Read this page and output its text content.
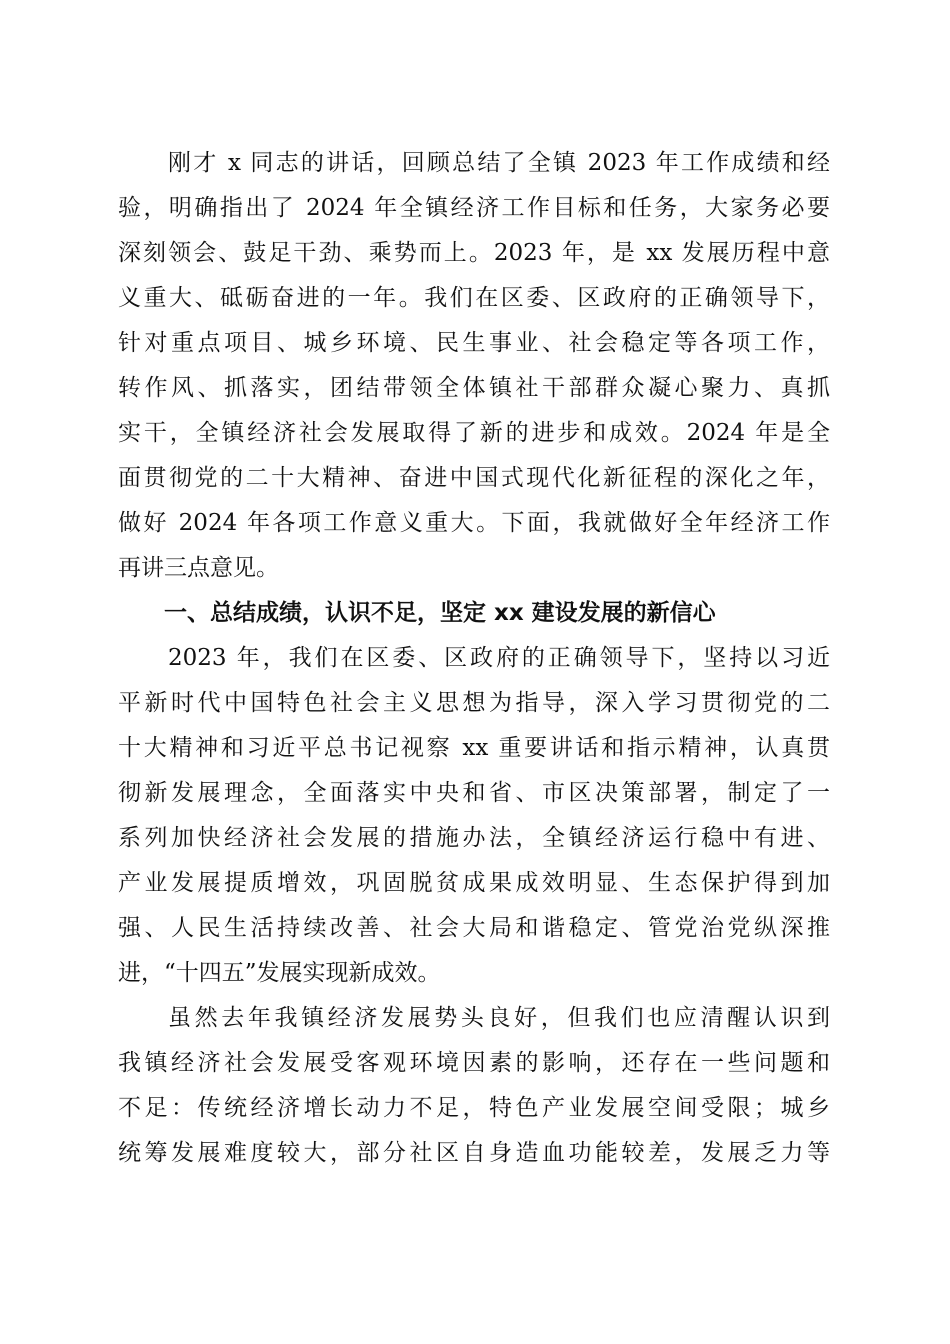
刚才 x 同志的讲话，回顾总结了全镇 2023 年工作成绩和经
验，明确指出了 2024 年全镇经济工作目标和任务，大家务必要
深刻领会、鼓足干劲、乘势而上。2023 年，是 xx 发展历程中意
义重大、砥砺奋进的一年。我们在区委、区政府的正确领导下，
针对重点项目、城乡环境、民生事业、社会稳定等各项工作，
转作风、抓落实，团结带领全体镇社干部群众凝心聚力、真抓
实干，全镇经济社会发展取得了新的进步和成效。2024 年是全
面贯彻党的二十大精神、奋进中国式现代化新征程的深化之年，
做好 2024 年各项工作意义重大。下面，我就做好全年经济工作
再讲三点意见。
一、总结成绩，认识不足，坚定 xx 建设发展的新信心
2023 年，我们在区委、区政府的正确领导下，坚持以习近
平新时代中国特色社会主义思想为指导，深入学习贯彻党的二
十大精神和习近平总书记视察 xx 重要讲话和指示精神，认真贯
彻新发展理念，全面落实中央和省、市区决策部署，制定了一
系列加快经济社会发展的措施办法，全镇经济运行稳中有进、
产业发展提质增效，巩固脱贫成果成效明显、生态保护得到加
强、人民生活持续改善、社会大局和谐稳定、管党治党纵深推
进，“十四五”发展实现新成效。
虽然去年我镇经济发展势头良好，但我们也应清醒认识到
我镇经济社会发展受客观环境因素的影响，还存在一些问题和
不足：传统经济增长动力不足，特色产业发展空间受限；城乡
统筹发展难度较大，部分社区自身造血功能较差，发展乏力等
